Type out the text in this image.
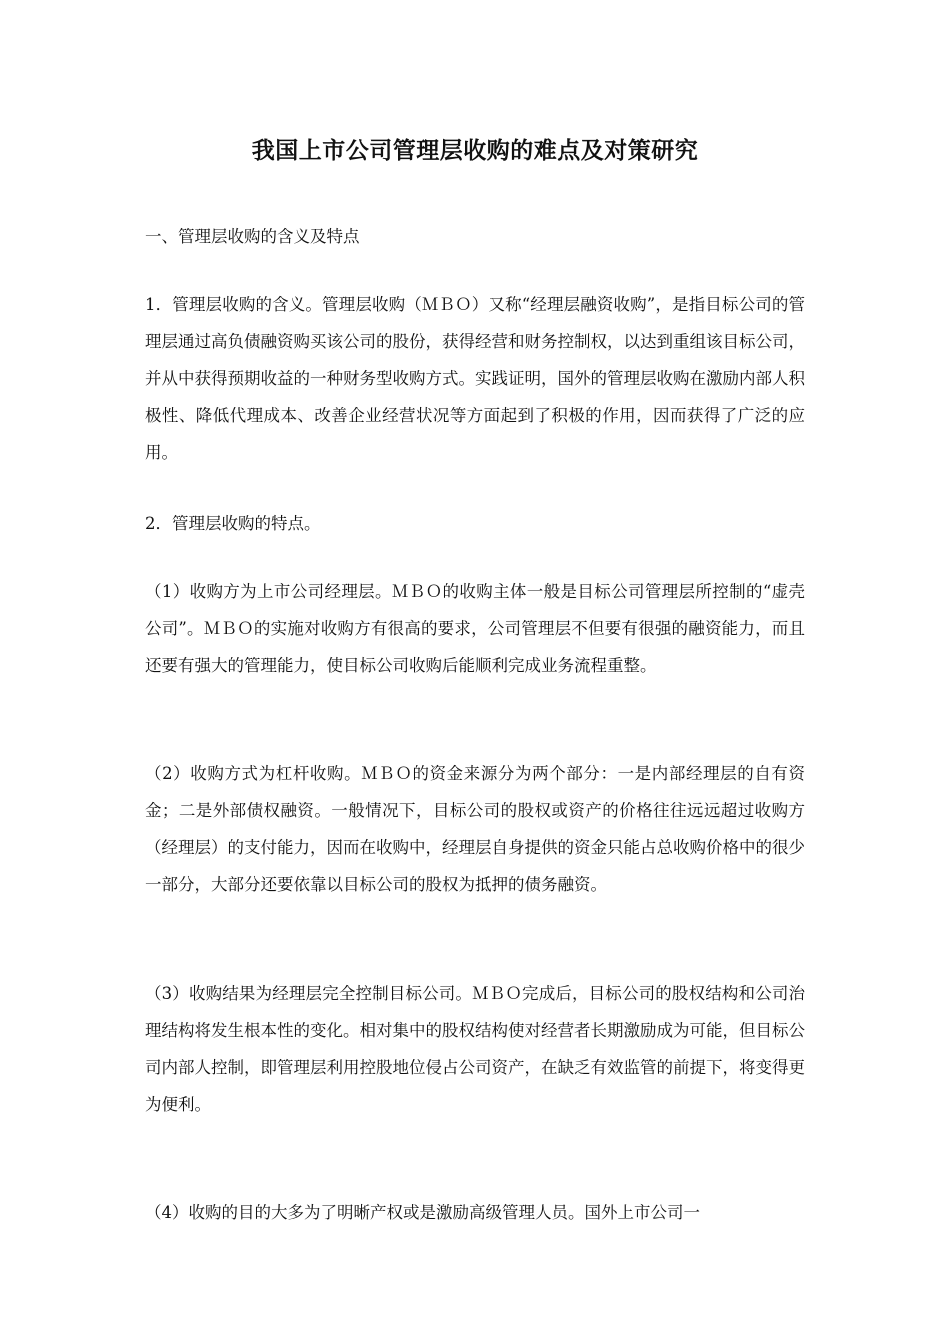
我国上市公司管理层收购的难点及对策研究

一、管理层收购的含义及特点

1．管理层收购的含义。管理层收购（ＭＢＯ）又称“经理层融资收购”，是指目标公司的管理层通过高负债融资购买该公司的股份，获得经营和财务控制权，以达到重组该目标公司，并从中获得预期收益的一种财务型收购方式。实践证明，国外的管理层收购在激励内部人积极性、降低代理成本、改善企业经营状况等方面起到了积极的作用，因而获得了广泛的应用。

2．管理层收购的特点。

（1）收购方为上市公司经理层。ＭＢＯ的收购主体一般是目标公司管理层所控制的“虚壳公司”。ＭＢＯ的实施对收购方有很高的要求，公司管理层不但要有很强的融资能力，而且还要有强大的管理能力，使目标公司收购后能顺利完成业务流程重整。

（2）收购方式为杠杆收购。ＭＢＯ的资金来源分为两个部分：一是内部经理层的自有资金；二是外部债权融资。一般情况下，目标公司的股权或资产的价格往往远远超过收购方（经理层）的支付能力，因而在收购中，经理层自身提供的资金只能占总收购价格中的很少一部分，大部分还要依靠以目标公司的股权为抵押的债务融资。

（3）收购结果为经理层完全控制目标公司。ＭＢＯ完成后，目标公司的股权结构和公司治理结构将发生根本性的变化。相对集中的股权结构使对经营者长期激励成为可能，但目标公司内部人控制，即管理层利用控股地位侵占公司资产，在缺乏有效监管的前提下，将变得更为便利。

（4）收购的目的大多为了明晰产权或是激励高级管理人员。国外上市公司一
